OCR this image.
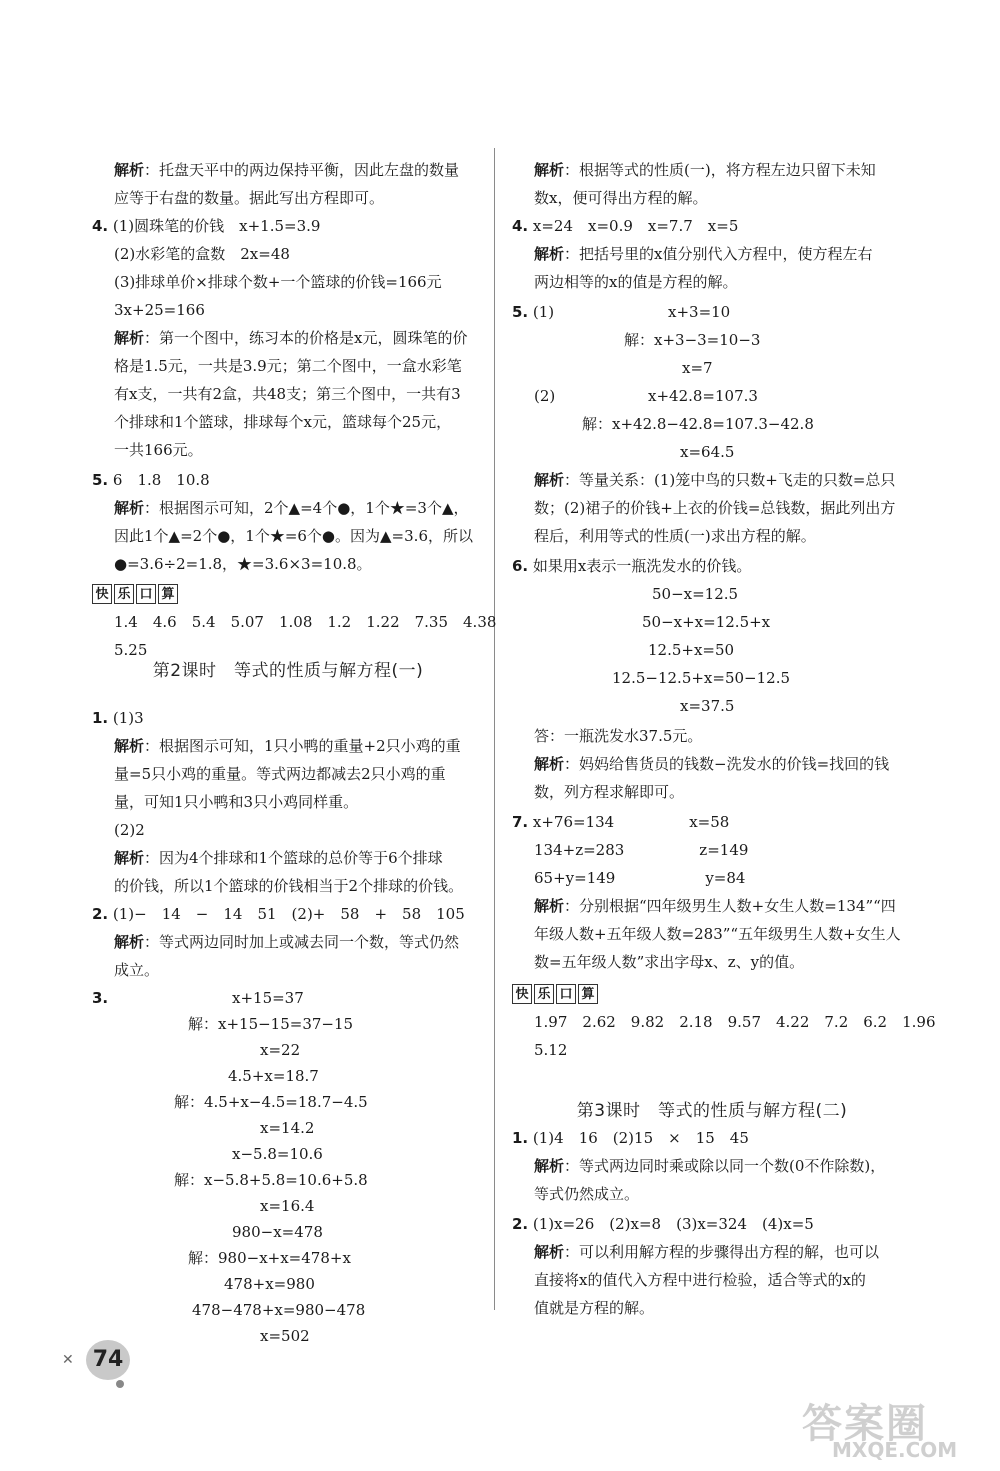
第2课时　等式的性质与解方程(一)
快 乐 口 算
解析：托盘天平中的两边保持平衡，因此左盘的数量
应等于右盘的数量。据此写出方程即可。
4. (1)圆珠笔的价钱　x+1.5=3.9
(2)水彩笔的盒数　2x=48
(3)排球单价×排球个数+一个篮球的价钱=166元
3x+25=166
解析：第一个图中，练习本的价格是x元，圆珠笔的价
格是1.5元，一共是3.9元；第二个图中，一盒水彩笔
有x支，一共有2盒，共48支；第三个图中，一共有3
个排球和1个篮球，排球每个x元，篮球每个25元，
一共166元。
5. 6　1.8　10.8
解析：根据图示可知，2个▲=4个●，1个★=3个▲，
因此1个▲=2个●，1个★=6个●。因为▲=3.6，所以
●=3.6÷2=1.8，★=3.6×3=10.8。
1.4　4.6　5.4　5.07　1.08　1.2　1.22　7.35　4.38
5.25
1. (1)3
解析：根据图示可知，1只小鸭的重量+2只小鸡的重
量=5只小鸡的重量。等式两边都减去2只小鸡的重
量，可知1只小鸭和3只小鸡同样重。
(2)2
解析：因为4个排球和1个篮球的总价等于6个排球
的价钱，所以1个篮球的价钱相当于2个排球的价钱。
2. (1)−　14　−　14　51　(2)+　58　+　58　105
解析：等式两边同时加上或减去同一个数，等式仍然
成立。
3.	x+15=37
解：x+15−15=37−15
x=22
4.5+x=18.7
解：4.5+x−4.5=18.7−4.5
x=14.2
x−5.8=10.6
解：x−5.8+5.8=10.6+5.8
x=16.4
980−x=478
解：980−x+x=478+x
478+x=980
478−478+x=980−478
x=502
第3课时　等式的性质与解方程(二)
快 乐 口 算
解析：根据等式的性质(一)，将方程左边只留下未知
数x，便可得出方程的解。
4. x=24　x=0.9　x=7.7　x=5
解析：把括号里的x值分别代入方程中，使方程左右
两边相等的x的值是方程的解。
5. (1)
(2)
解析：等量关系：(1)笼中鸟的只数+飞走的只数=总只
数；(2)裙子的价钱+上衣的价钱=总钱数，据此列出方
程后，利用等式的性质(一)求出方程的解。
6. 如果用x表示一瓶洗发水的价钱。
答：一瓶洗发水37.5元。
解析：妈妈给售货员的钱数−洗发水的价钱=找回的钱
数，列方程求解即可。
7. x+76=134　　　　　x=58
134+z=283　　　　　z=149
65+y=149　　　　　　y=84
解析：分别根据“四年级男生人数+女生人数=134”“四
年级人数+五年级人数=283”“五年级男生人数+女生人
数=五年级人数”求出字母x、z、y的值。
1.97　2.62　9.82　2.18　9.57　4.22　7.2　6.2　1.96
5.12
1. (1)4　16　(2)15　×　15　45
解析：等式两边同时乘或除以同一个数(0不作除数)，
等式仍然成立。
2. (1)x=26　(2)x=8　(3)x=324　(4)x=5
解析：可以利用解方程的步骤得出方程的解，也可以
直接将x的值代入方程中进行检验，适合等式的x的
值就是方程的解。
x+3=10
解：x+3−3=10−3
x=7
x+42.8=107.3
解：x+42.8−42.8=107.3−42.8
x=64.5
50−x=12.5
50−x+x=12.5+x
12.5+x=50
12.5−12.5+x=50−12.5
x=37.5
✕ 74
答案圈
MXQE.COM
